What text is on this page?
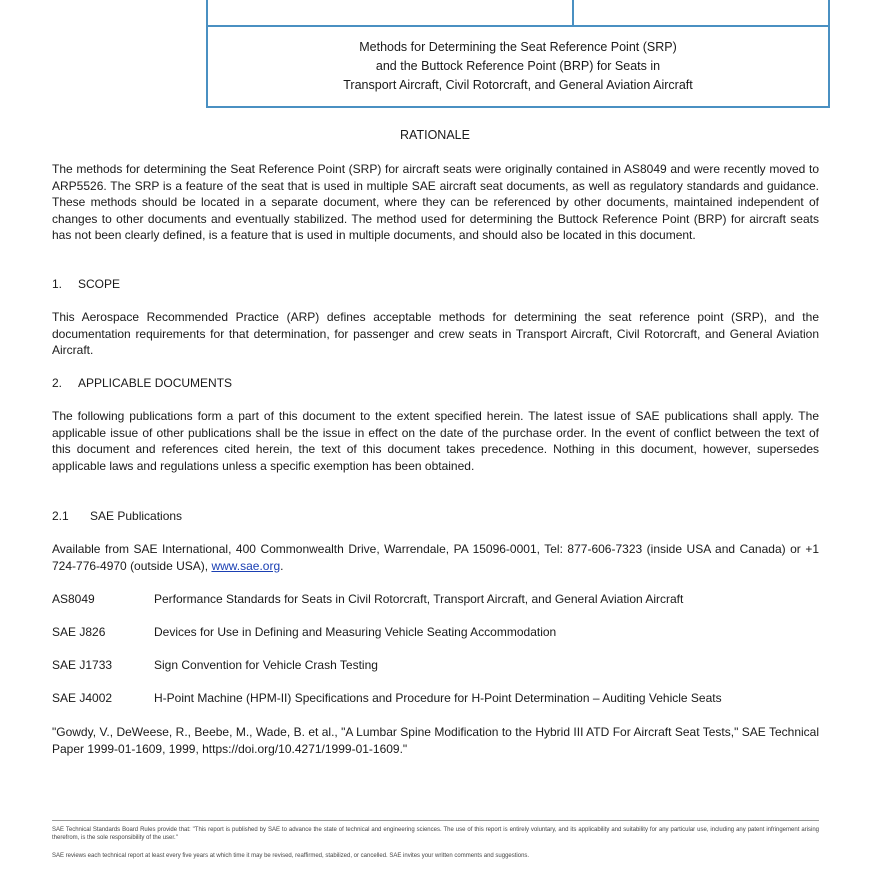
Methods for Determining the Seat Reference Point (SRP)
and the Buttock Reference Point (BRP) for Seats in
Transport Aircraft, Civil Rotorcraft, and General Aviation Aircraft
RATIONALE
The methods for determining the Seat Reference Point (SRP) for aircraft seats were originally contained in AS8049 and were recently moved to ARP5526. The SRP is a feature of the seat that is used in multiple SAE aircraft seat documents, as well as regulatory standards and guidance. These methods should be located in a separate document, where they can be referenced by other documents, maintained independent of changes to other documents and eventually stabilized. The method used for determining the Buttock Reference Point (BRP) for aircraft seats has not been clearly defined, is a feature that is used in multiple documents, and should also be located in this document.
1. SCOPE
This Aerospace Recommended Practice (ARP) defines acceptable methods for determining the seat reference point (SRP), and the documentation requirements for that determination, for passenger and crew seats in Transport Aircraft, Civil Rotorcraft, and General Aviation Aircraft.
2. APPLICABLE DOCUMENTS
The following publications form a part of this document to the extent specified herein. The latest issue of SAE publications shall apply. The applicable issue of other publications shall be the issue in effect on the date of the purchase order. In the event of conflict between the text of this document and references cited herein, the text of this document takes precedence. Nothing in this document, however, supersedes applicable laws and regulations unless a specific exemption has been obtained.
2.1 SAE Publications
Available from SAE International, 400 Commonwealth Drive, Warrendale, PA 15096-0001, Tel: 877-606-7323 (inside USA and Canada) or +1 724-776-4970 (outside USA), www.sae.org.
AS8049	Performance Standards for Seats in Civil Rotorcraft, Transport Aircraft, and General Aviation Aircraft
SAE J826	Devices for Use in Defining and Measuring Vehicle Seating Accommodation
SAE J1733	Sign Convention for Vehicle Crash Testing
SAE J4002	H-Point Machine (HPM-II) Specifications and Procedure for H-Point Determination – Auditing Vehicle Seats
"Gowdy, V., DeWeese, R., Beebe, M., Wade, B. et al., "A Lumbar Spine Modification to the Hybrid III ATD For Aircraft Seat Tests," SAE Technical Paper 1999-01-1609, 1999, https://doi.org/10.4271/1999-01-1609."
SAE Technical Standards Board Rules provide that: "This report is published by SAE to advance the state of technical and engineering sciences. The use of this report is entirely voluntary, and its applicability and suitability for any particular use, including any patent infringement arising therefrom, is the sole responsibility of the user."
SAE reviews each technical report at least every five years at which time it may be revised, reaffirmed, stabilized, or cancelled. SAE invites your written comments and suggestions.
